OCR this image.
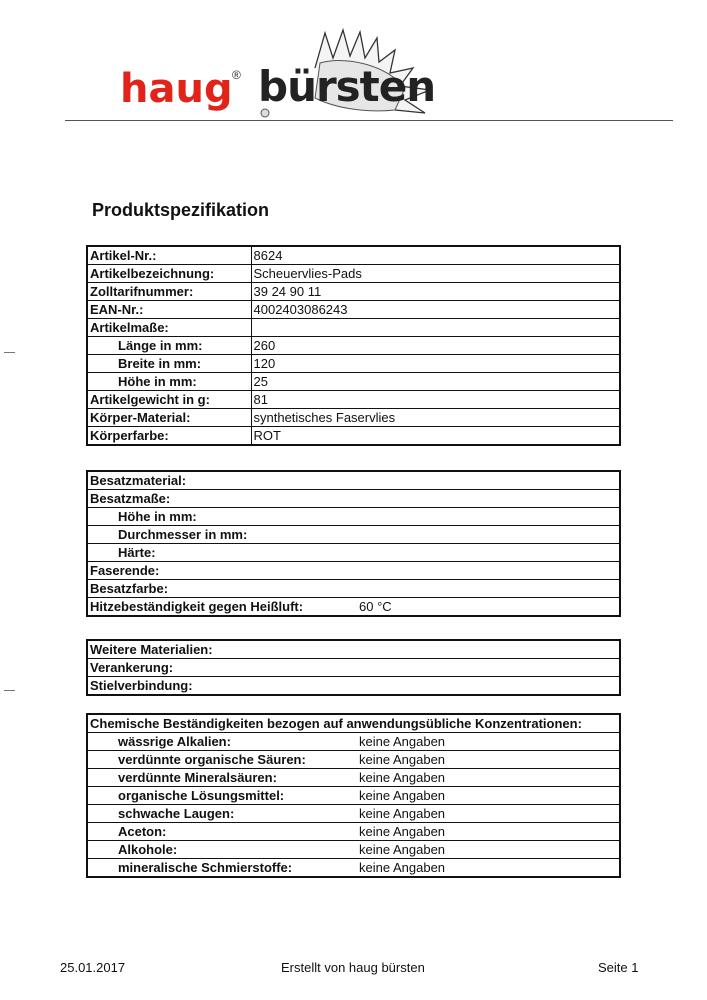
haug ® bürsten
Produktspezifikation
Artikel-Nr.:	8624
Artikelbezeichnung:	Scheuervlies-Pads
Zolltarifnummer:	39 24 90 11
EAN-Nr.:	4002403086243
Artikelmaße:	
Länge in mm:	260
Breite in mm:	120
Höhe in mm:	25
Artikelgewicht in g:	81
Körper-Material:	synthetisches Faservlies
Körperfarbe:	ROT
Besatzmaterial:	
Besatzmaße:	
Höhe in mm:	
Durchmesser in mm:	
Härte:	
Faserende:	
Besatzfarbe:	
Hitzebeständigkeit gegen Heißluft:	60 °C
Weitere Materialien:
Verankerung:
Stielverbindung:
Chemische Beständigkeiten bezogen auf anwendungsübliche Konzentrationen:	
wässrige Alkalien:	keine Angaben
verdünnte organische Säuren:	keine Angaben
verdünnte Mineralsäuren:	keine Angaben
organische Lösungsmittel:	keine Angaben
schwache Laugen:	keine Angaben
Aceton:	keine Angaben
Alkohole:	keine Angaben
mineralische Schmierstoffe:	keine Angaben
25.01.2017	Erstellt von haug bürsten	Seite 1
